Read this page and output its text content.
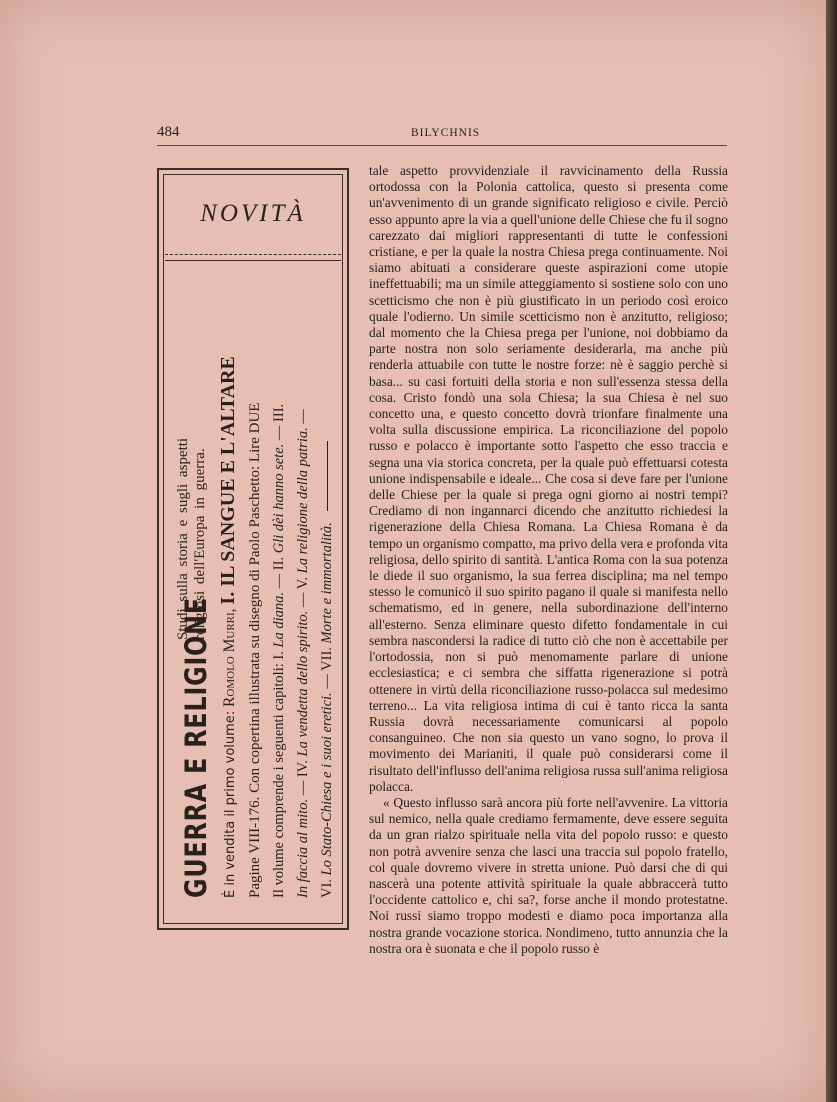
484	BILYCHNIS
NOVITÀ
GUERRA E RELIGIONE
Studi sulla storia e sugli aspetti
religiosi dell'Europa in guerra.
È in vendita il primo volume: Romolo Murri, I. IL SANGUE E L'ALTARE Pagine VIII-176. Con copertina illustrata su disegno di Paolo Paschetto: Lire DUE Il volume comprende i seguenti capitoli: I. La diana. — II. Gli dèi hanno sete. — III.
In faccia al mito. — IV. La vendetta dello spirito. — V. La religione della patria. —
VI. Lo Stato-Chiesa e i suoi eretici. — VII. Morte e immortalità.

tale aspetto provvidenziale il ravvicinamento della Russia ortodossa con la Polonia cattolica, questo si presenta come un'avvenimento di un grande significato religioso e civile. Perciò esso appunto apre la via a quell'unione delle Chiese che fu il sogno carezzato dai migliori rappresentanti di tutte le confessioni cristiane, e per la quale la nostra Chiesa prega continuamente. Noi siamo abituati a considerare queste aspirazioni come utopie ineffettuabili; ma un simile atteggiamento si sostiene solo con uno scetticismo che non è più giustificato in un periodo così eroico quale l'odierno. Un simile scetticismo non è anzitutto, religioso; dal momento che la Chiesa prega per l'unione, noi dobbiamo da parte nostra non solo seriamente desiderarla, ma anche più renderla attuabile con tutte le nostre forze: nè è saggio perchè si basa... su casi fortuiti della storia e non sull'essenza stessa della cosa. Cristo fondò una sola Chiesa; la sua Chiesa è nel suo concetto una, e questo concetto dovrà trionfare finalmente una volta sulla discussione empirica. La riconciliazione del popolo russo e polacco è importante sotto l'aspetto che esso traccia e segna una via storica concreta, per la quale può effettuarsi cotesta unione indispensabile e ideale... Che cosa si deve fare per l'unione delle Chiese per la quale si prega ogni giorno ai nostri tempi? Crediamo di non ingannarci dicendo che anzitutto richiedesi la rigenerazione della Chiesa Romana. La Chiesa Romana è da tempo un organismo compatto, ma privo della vera e profonda vita religiosa, dello spirito di santità. L'antica Roma con la sua potenza le diede il suo organismo, la sua ferrea disciplina; ma nel tempo stesso le comunicò il suo spirito pagano il quale si manifesta nello schematismo, ed in genere, nella subordinazione dell'interno all'esterno. Senza eliminare questo difetto fondamentale in cui sembra nascondersi la radice di tutto ciò che non è accettabile per l'ortodossia, non si può menomamente parlare di unione ecclesiastica; e ci sembra che siffatta rigenerazione si potrà ottenere in virtù della riconciliazione russo-polacca sul medesimo terreno... La vita religiosa intima di cui è tanto ricca la santa Russia dovrà necessariamente comunicarsi al popolo consanguineo. Che non sia questo un vano sogno, lo prova il movimento dei Marianiti, il quale può considerarsi come il risultato dell'influsso dell'anima religiosa russa sull'anima religiosa polacca.

« Questo influsso sarà ancora più forte nell'avvenire. La vittoria sul nemico, nella quale crediamo fermamente, deve essere seguita da un gran rialzo spirituale nella vita del popolo russo: e questo non potrà avvenire senza che lasci una traccia sul popolo fratello, col quale dovremo vivere in stretta unione. Può darsi che di qui nascerà una potente attività spirituale la quale abbraccerà tutto l'occidente cattolico e, chi sa?, forse anche il mondo protestatne. Noi russi siamo troppo modesti e diamo poca importanza alla nostra grande vocazione storica. Nondimeno, tutto annunzia che la nostra ora è suonata e che il popolo russo è
